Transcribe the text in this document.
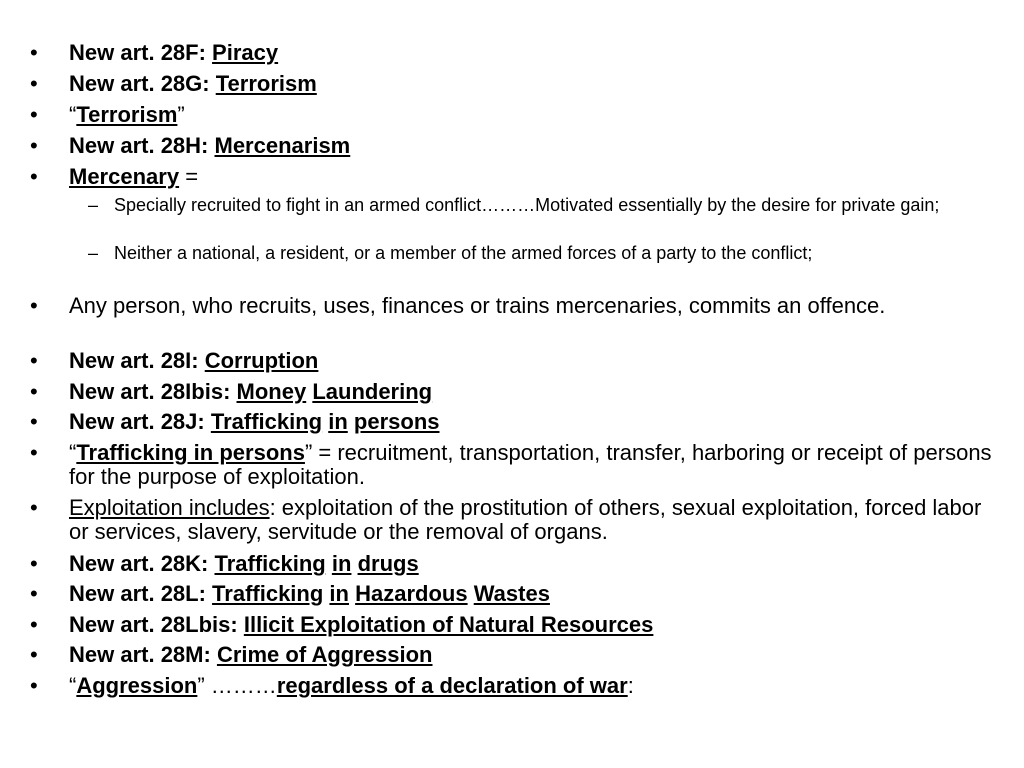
•	New art. 28F: Piracy
•	New art. 28G: Terrorism
•	“Terrorism”
•	New art. 28H: Mercenarism
•	Mercenary =
– Specially recruited to fight in an armed conflict………Motivated essentially by the desire for private gain;
– Neither a national, a resident, or a member of the armed forces of a party to the conflict;
•	Any person, who recruits, uses, finances or trains mercenaries, commits an offence.
•	New art. 28I: Corruption
•	New art. 28Ibis: Money Laundering
•	New art. 28J: Trafficking in persons
•	“Trafficking in persons” = recruitment, transportation, transfer, harboring or receipt of persons for the purpose of exploitation.
•	Exploitation includes: exploitation of the prostitution of others, sexual exploitation, forced labor or services, slavery, servitude or the removal of organs.
•	New art. 28K: Trafficking in drugs
•	New art. 28L: Trafficking in Hazardous Wastes
•	New art. 28Lbis: Illicit Exploitation of Natural Resources
•	New art. 28M: Crime of Aggression
•	“Aggression” ………regardless of a declaration of war:
